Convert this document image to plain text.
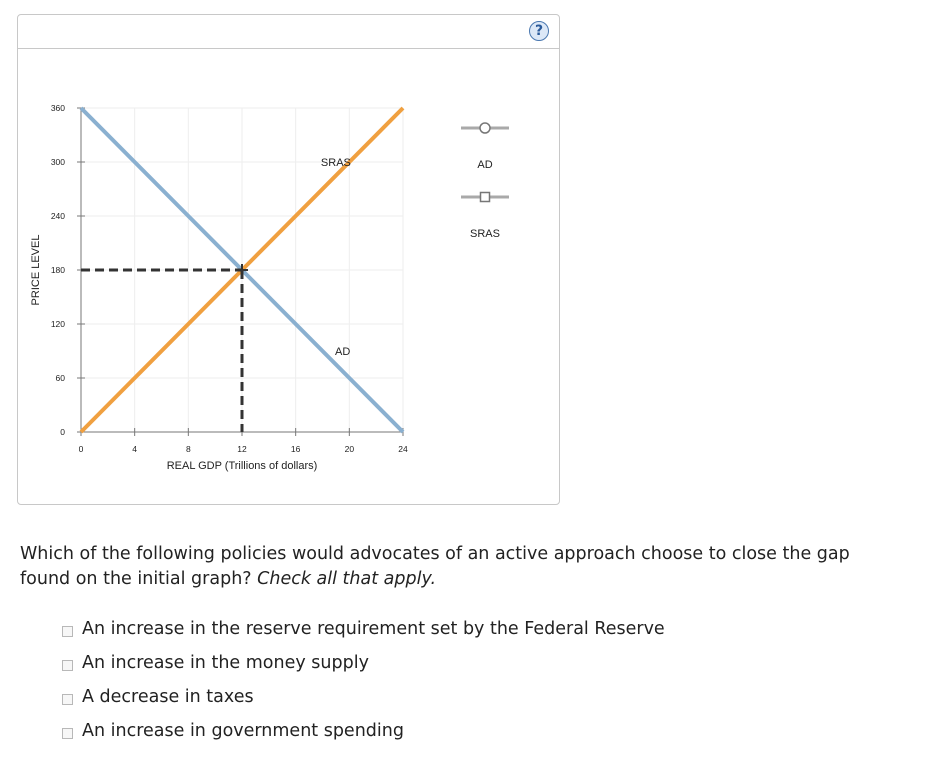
?
0	4	8	12	16	20	24
0
60
120
180
240
300
360
REAL GDP (Trillions of dollars)
PRICE LEVEL
AD
SRAS	AD
SRAS
Which of the following policies would advocates of an active approach choose to close the gap found on the initial graph? Check all that apply.
An increase in the reserve requirement set by the Federal Reserve
An increase in the money supply
A decrease in taxes
An increase in government spending
